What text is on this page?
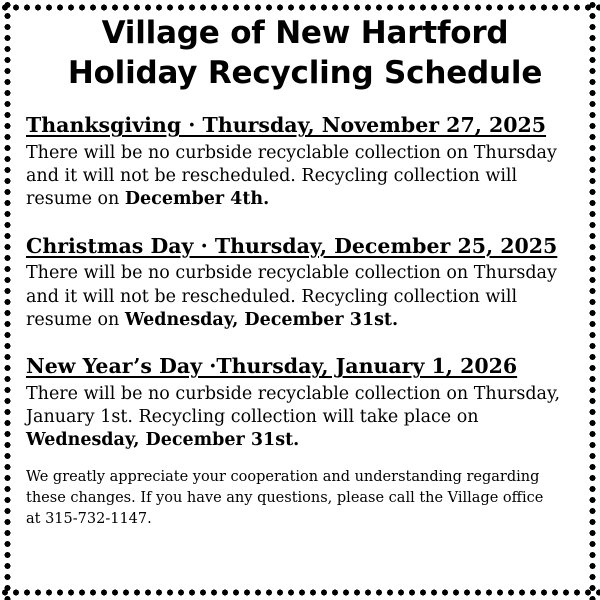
Village of New Hartford
Holiday Recycling Schedule
Thanksgiving · Thursday, November 27, 2025

There will be no curbside recyclable collection on Thursday and it will not be rescheduled. Recycling collection will resume on December 4th.

Christmas Day · Thursday, December 25, 2025

There will be no curbside recyclable collection on Thursday and it will not be rescheduled. Recycling collection will resume on Wednesday, December 31st.

New Year’s Day ·Thursday, January 1, 2026

There will be no curbside recyclable collection on Thursday, January 1st. Recycling collection will take place on Wednesday, December 31st.

We greatly appreciate your cooperation and understanding regarding these changes. If you have any questions, please call the Village office at 315-732-1147.
